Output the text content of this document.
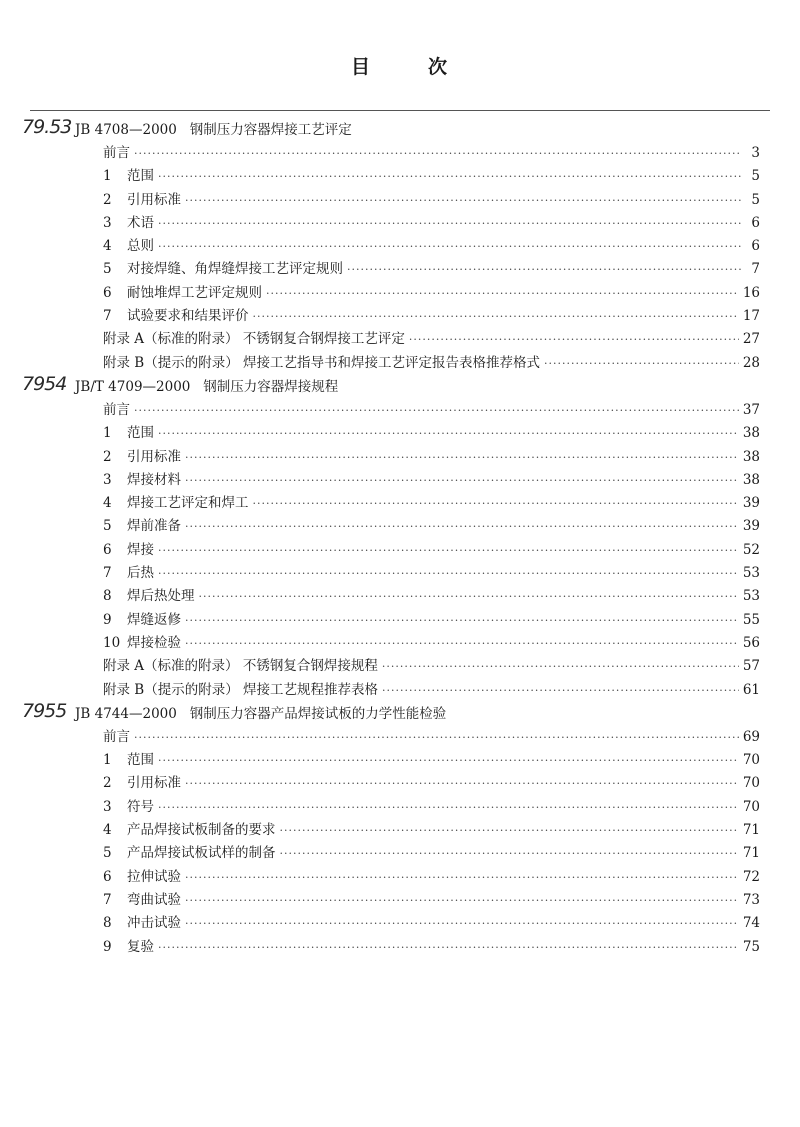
目	次
79.53 JB 4708—2000 钢制压力容器焊接工艺评定
前言 ·····	3
1	范围 ·····	5
2	引用标准 ·····	5
3	术语 ·····	6
4	总则 ·····	6
5	对接焊缝、角焊缝焊接工艺评定规则 ·····	7
6	耐蚀堆焊工艺评定规则 ·····	16
7	试验要求和结果评价 ·····	17
附录 A（标准的附录） 不锈钢复合钢焊接工艺评定 ·····	27
附录 B（提示的附录） 焊接工艺指导书和焊接工艺评定报告表格推荐格式 ·····	28
7954 JB/T 4709—2000 钢制压力容器焊接规程
前言 ·····	37
1	范围 ·····	38
2	引用标准 ·····	38
3	焊接材料 ·····	38
4	焊接工艺评定和焊工 ·····	39
5	焊前准备 ·····	39
6	焊接 ·····	52
7	后热 ·····	53
8	焊后热处理 ·····	53
9	焊缝返修 ·····	55
10 焊接检验 ·····	56
附录 A（标准的附录） 不锈钢复合钢焊接规程 ·····	57
附录 B（提示的附录） 焊接工艺规程推荐表格 ·····	61
7955 JB 4744—2000 钢制压力容器产品焊接试板的力学性能检验
前言 ·····	69
1	范围 ·····	70
2	引用标准 ·····	70
3	符号 ·····	70
4	产品焊接试板制备的要求 ·····	71
5	产品焊接试板试样的制备 ·····	71
6	拉伸试验 ·····	72
7	弯曲试验 ·····	73
8	冲击试验 ·····	74
9	复验 ·····	75
